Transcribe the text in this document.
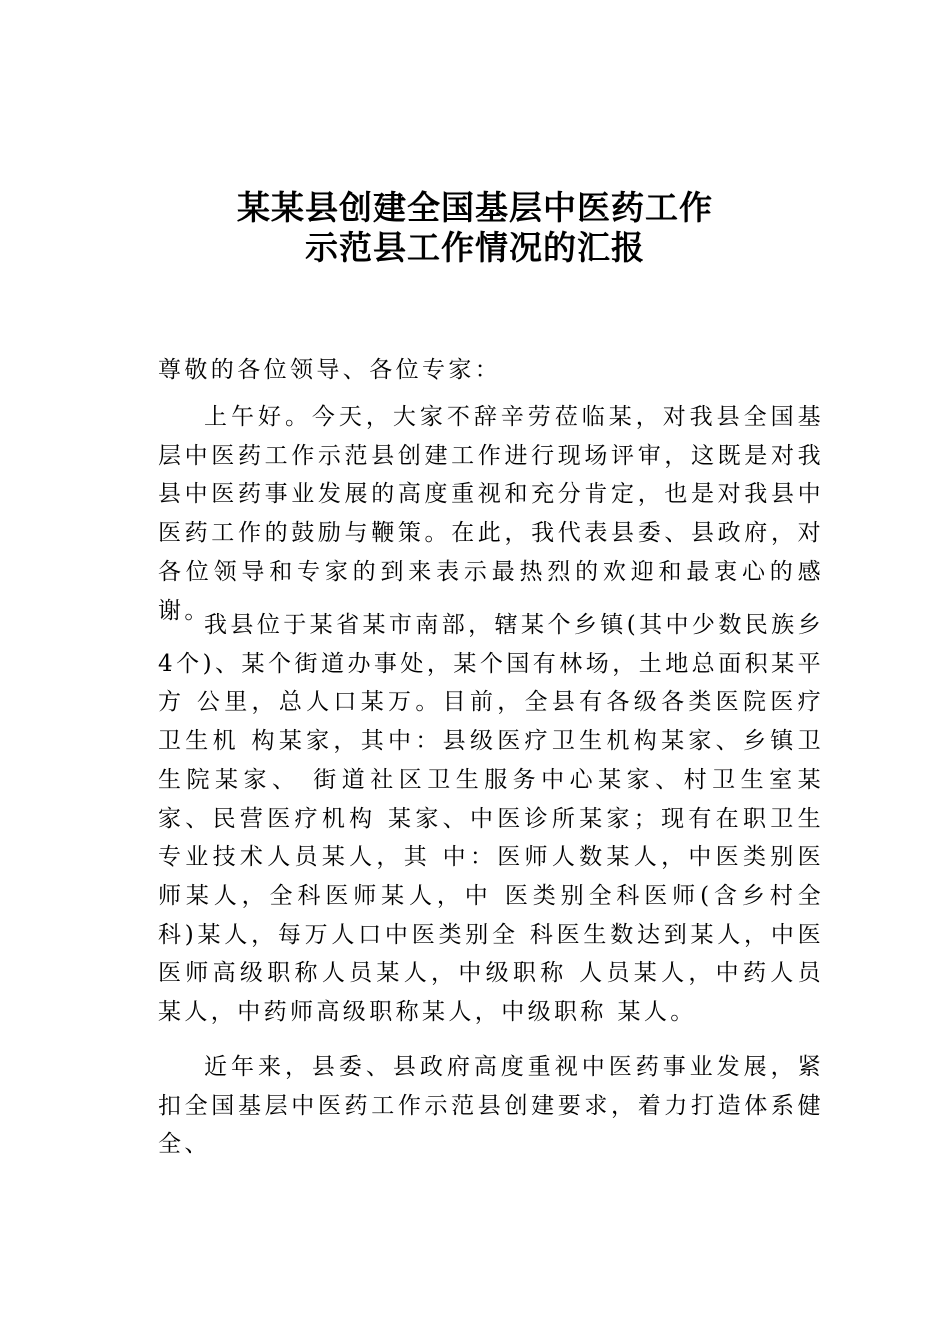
某某县创建全国基层中医药工作
示范县工作情况的汇报
尊敬的各位领导、各位专家：

上午好。今天，大家不辞辛劳莅临某，对我县全国基层中医药工作示范县创建工作进行现场评审，这既是对我县中医药事业发展的高度重视和充分肯定，也是对我县中医药工作的鼓励与鞭策。在此，我代表县委、县政府，对各位领导和专家的到来表示最热烈的欢迎和最衷心的感谢。

我县位于某省某市南部，辖某个乡镇(其中少数民族乡4个)、某个街道办事处，某个国有林场，土地总面积某平方 公里，总人口某万。目前，全县有各级各类医院医疗卫生机 构某家，其中：县级医疗卫生机构某家、乡镇卫生院某家、 街道社区卫生服务中心某家、村卫生室某家、民营医疗机构 某家、中医诊所某家；现有在职卫生专业技术人员某人，其 中：医师人数某人，中医类别医师某人，全科医师某人，中 医类别全科医师(含乡村全科)某人，每万人口中医类别全 科医生数达到某人，中医医师高级职称人员某人，中级职称 人员某人，中药人员某人，中药师高级职称某人，中级职称 某人。

近年来，县委、县政府高度重视中医药事业发展，紧扣全国基层中医药工作示范县创建要求，着力打造体系健全、
